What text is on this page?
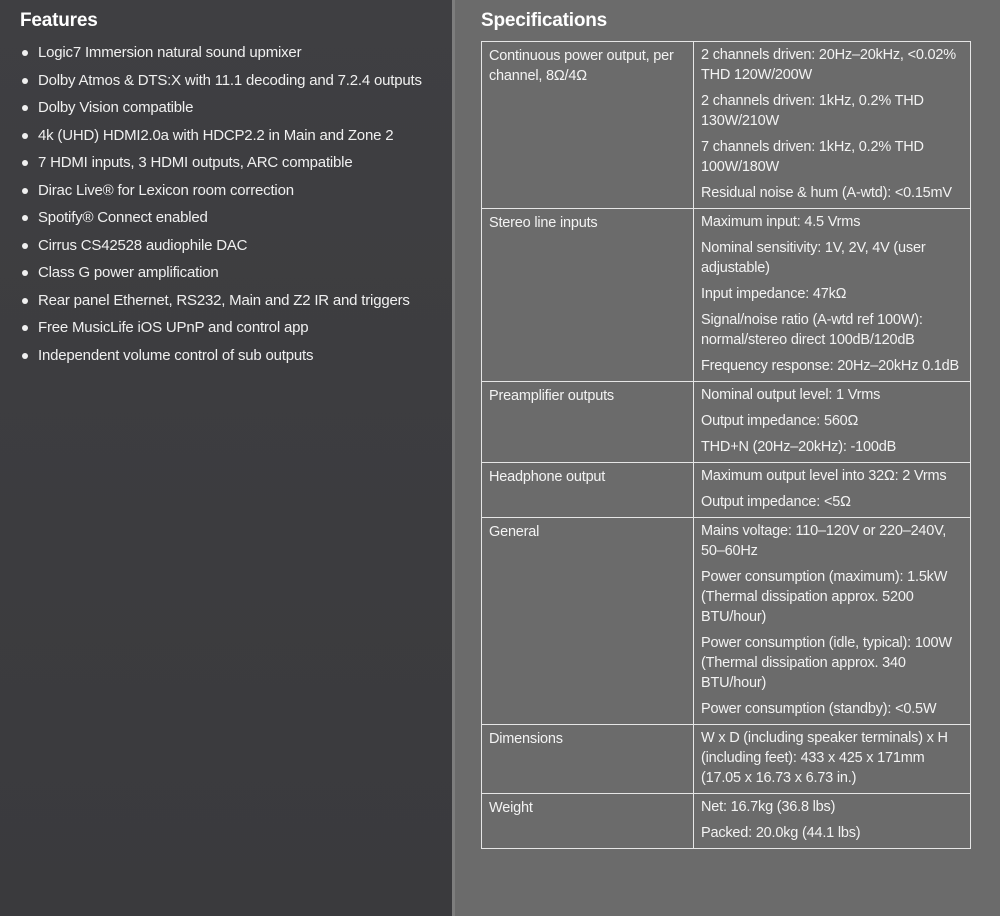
Features
Logic7 Immersion natural sound upmixer
Dolby Atmos & DTS:X with 11.1 decoding and 7.2.4 outputs
Dolby Vision compatible
4k (UHD) HDMI2.0a with HDCP2.2 in Main and Zone 2
7 HDMI inputs, 3 HDMI outputs, ARC compatible
Dirac Live® for Lexicon room correction
Spotify® Connect enabled
Cirrus CS42528 audiophile DAC
Class G power amplification
Rear panel Ethernet, RS232, Main and Z2 IR and triggers
Free MusicLife iOS UPnP and control app
Independent volume control of sub outputs
Specifications
Continuous power output, per channel, 8Ω/4Ω	2 channels driven: 20Hz–20kHz, <0.02% THD 120W/200W
2 channels driven: 1kHz, 0.2% THD 130W/210W
7 channels driven: 1kHz, 0.2% THD 100W/180W
Residual noise & hum (A-wtd): <0.15mV

Stereo line inputs	Maximum input: 4.5 Vrms
Nominal sensitivity: 1V, 2V, 4V (user adjustable)
Input impedance: 47kΩ
Signal/noise ratio (A-wtd ref 100W): normal/stereo direct 100dB/120dB
Frequency response: 20Hz–20kHz 0.1dB

Preamplifier outputs	Nominal output level: 1 Vrms
Output impedance: 560Ω
THD+N (20Hz–20kHz): -100dB

Headphone output	Maximum output level into 32Ω: 2 Vrms
Output impedance: <5Ω

General	Mains voltage: 110–120V or 220–240V, 50–60Hz
Power consumption (maximum): 1.5kW (Thermal dissipation approx. 5200 BTU/hour)
Power consumption (idle, typical): 100W (Thermal dissipation approx. 340 BTU/hour)
Power consumption (standby): <0.5W

Dimensions	W x D (including speaker terminals) x H (including feet): 433 x 425 x 171mm (17.05 x 16.73 x 6.73 in.)

Weight	Net: 16.7kg (36.8 lbs)
Packed: 20.0kg (44.1 lbs)
